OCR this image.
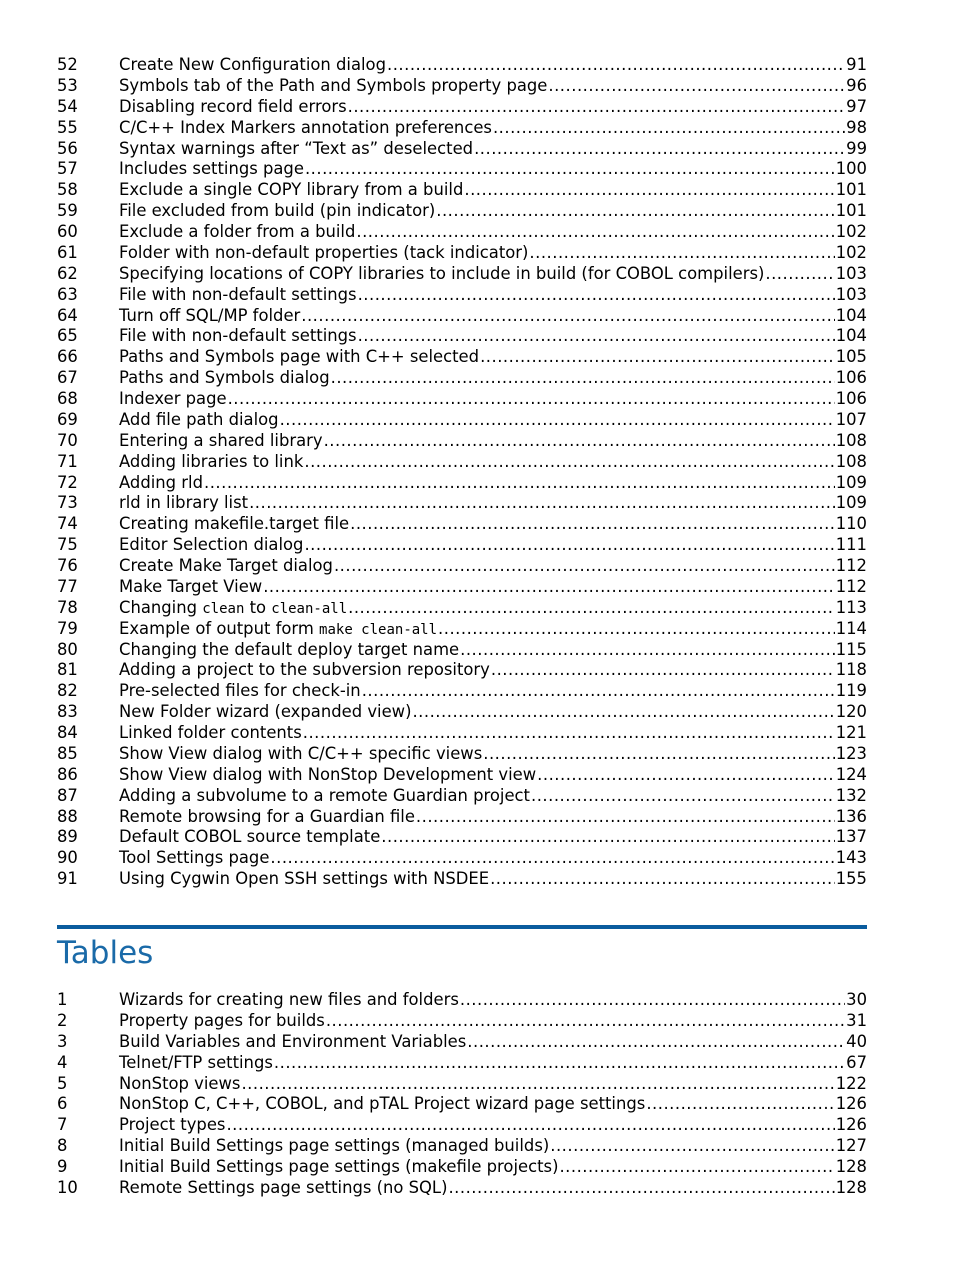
52	Create New Configuration dialog .....	91
53	Symbols tab of the Path and Symbols property page .....	96
54	Disabling record field errors .....	97
55	C/C++ Index Markers annotation preferences .....	98
56	Syntax warnings after “Text as” deselected .....	99
57	Includes settings page .....	100
58	Exclude a single COPY library from a build .....	101
59	File excluded from build (pin indicator) .....	101
60	Exclude a folder from a build .....	102
61	Folder with non-default properties (tack indicator) .....	102
62	Specifying locations of COPY libraries to include in build (for COBOL compilers) .....	103
63	File with non-default settings .....	103
64	Turn off SQL/MP folder .....	104
65	File with non-default settings .....	104
66	Paths and Symbols page with C++ selected .....	105
67	Paths and Symbols dialog .....	106
68	Indexer page .....	106
69	Add file path dialog .....	107
70	Entering a shared library .....	108
71	Adding libraries to link .....	108
72	Adding rld .....	109
73	rld in library list .....	109
74	Creating makefile.target file .....	110
75	Editor Selection dialog .....	111
76	Create Make Target dialog .....	112
77	Make Target View .....	112
78	Changing clean to clean-all .....	113
79	Example of output form make clean-all .....	114
80	Changing the default deploy target name .....	115
81	Adding a project to the subversion repository .....	118
82	Pre-selected files for check-in .....	119
83	New Folder wizard (expanded view) .....	120
84	Linked folder contents .....	121
85	Show View dialog with C/C++ specific views .....	123
86	Show View dialog with NonStop Development view .....	124
87	Adding a subvolume to a remote Guardian project .....	132
88	Remote browsing for a Guardian file .....	136
89	Default COBOL source template .....	137
90	Tool Settings page .....	143
91	Using Cygwin Open SSH settings with NSDEE .....	155
Tables
1	Wizards for creating new files and folders .....	30
2	Property pages for builds .....	31
3	Build Variables and Environment Variables .....	40
4	Telnet/FTP settings .....	67
5	NonStop views .....	122
6	NonStop C, C++, COBOL, and pTAL Project wizard page settings .....	126
7	Project types .....	126
8	Initial Build Settings page settings (managed builds) .....	127
9	Initial Build Settings page settings (makefile projects) .....	128
10	Remote Settings page settings (no SQL) .....	128
